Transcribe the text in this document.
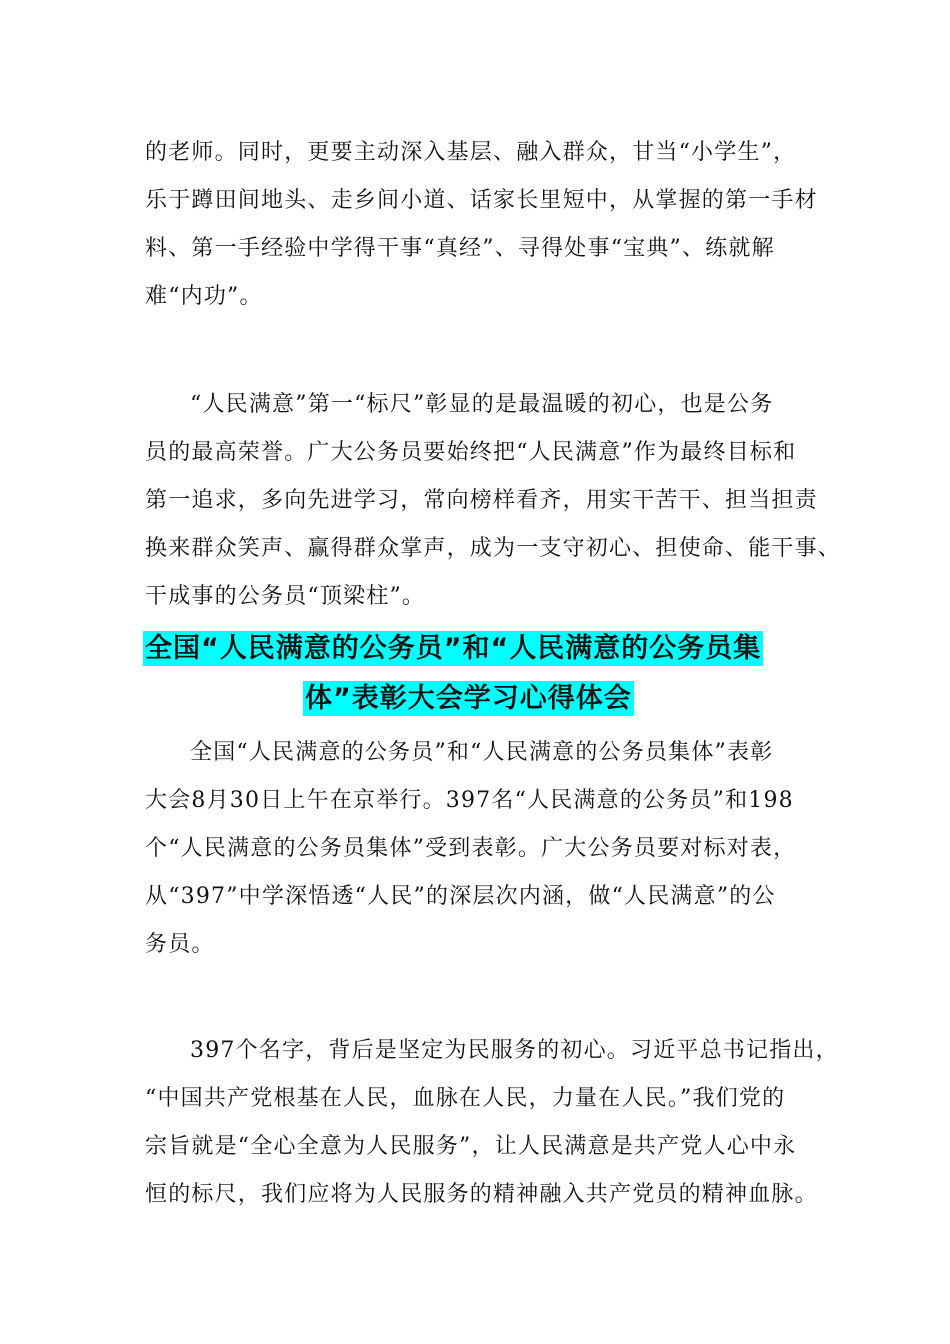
的老师。同时，更要主动深入基层、融入群众，甘当“小学生”，
乐于蹲田间地头、走乡间小道、话家长里短中，从掌握的第一手材
料、第一手经验中学得干事“真经”、寻得处事“宝典”、练就解
难“内功”。
“人民满意”第一“标尺”彰显的是最温暖的初心，也是公务
员的最高荣誉。广大公务员要始终把“人民满意”作为最终目标和
第一追求，多向先进学习，常向榜样看齐，用实干苦干、担当担责
换来群众笑声、赢得群众掌声，成为一支守初心、担使命、能干事、
干成事的公务员“顶梁柱”。
全国“人民满意的公务员”和“人民满意的公务员集
体”表彰大会学习心得体会
全国“人民满意的公务员”和“人民满意的公务员集体”表彰
大会8月30日上午在京举行。397名“人民满意的公务员”和198
个“人民满意的公务员集体”受到表彰。广大公务员要对标对表，
从“397”中学深悟透“人民”的深层次内涵，做“人民满意”的公
务员。
397个名字，背后是坚定为民服务的初心。习近平总书记指出，
“中国共产党根基在人民，血脉在人民，力量在人民。”我们党的
宗旨就是“全心全意为人民服务”，让人民满意是共产党人心中永
恒的标尺，我们应将为人民服务的精神融入共产党员的精神血脉。
